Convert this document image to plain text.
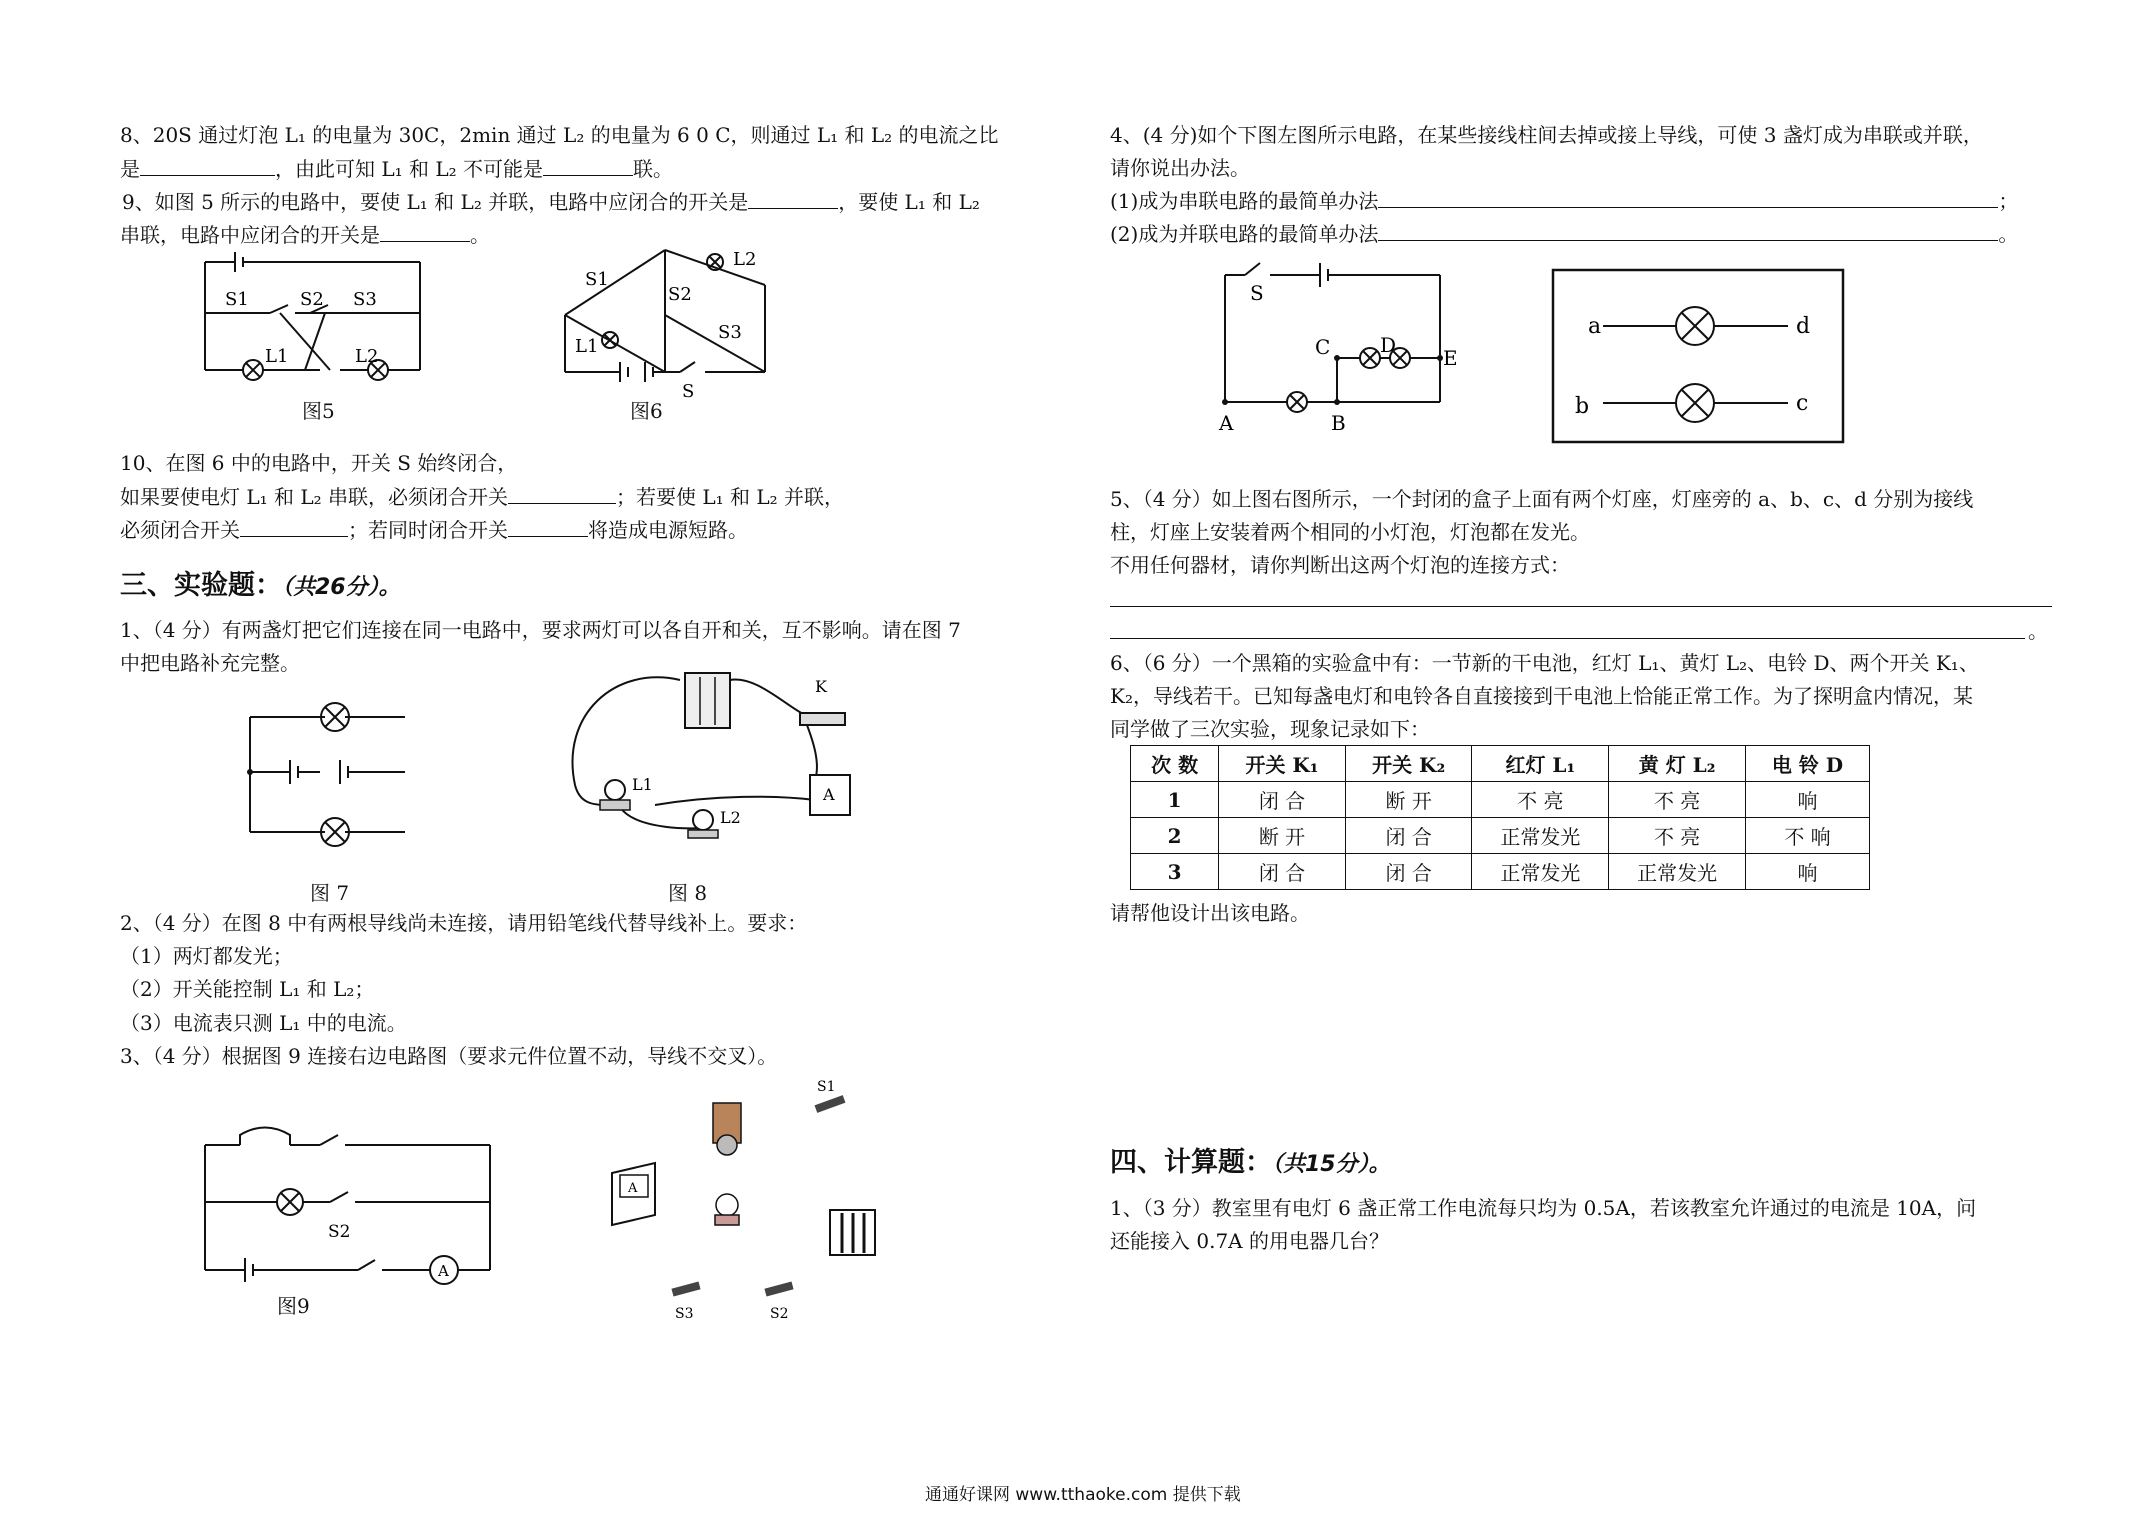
8、20S 通过灯泡 L₁ 的电量为 30C，2min 通过 L₂ 的电量为 6 0 C，则通过 L₁ 和 L₂ 的电流之比
是	，由此可知 L₁ 和 L₂ 不可能是	联。
9、如图 5 所示的电路中，要使 L₁ 和 L₂ 并联，电路中应闭合的开关是	，要使 L₁ 和 L₂
串联，电路中应闭合的开关是	。
S1	S2 S3
L1	L2
图5
S1
S2
S3
L2
L1
S
图6
10、在图 6 中的电路中，开关 S 始终闭合，
如果要使电灯 L₁ 和 L₂ 串联，必须闭合开关	；若要使 L₁ 和 L₂ 并联，
必须闭合开关	；若同时闭合开关	将造成电源短路。
三、实验题：（共26分）。
1、（4 分）有两盏灯把它们连接在同一电路中，要求两灯可以各自开和关，互不影响。请在图 7
中把电路补充完整。
图 7
K
L1
L2
A
图 8
2、（4 分）在图 8 中有两根导线尚未连接，请用铅笔线代替导线补上。要求：
（1）两灯都发光；
（2）开关能控制 L₁ 和 L₂；
（3）电流表只测 L₁ 中的电流。
3、（4 分）根据图 9 连接右边电路图（要求元件位置不动，导线不交叉）。
S2
A
图9
S1
A
S3	S2
4、(4 分)如个下图左图所示电路，在某些接线柱间去掉或接上导线，可使 3 盏灯成为串联或并联，
请你说出办法。
(1)成为串联电路的最简单办法	；
(2)成为并联电路的最简单办法	。
S
C D
E
A	B
a	d
b	c
5、（4 分）如上图右图所示，一个封闭的盒子上面有两个灯座，灯座旁的 a、b、c、d 分别为接线
柱，灯座上安装着两个相同的小灯泡，灯泡都在发光。
不用任何器材，请你判断出这两个灯泡的连接方式：
。
6、（6 分）一个黑箱的实验盒中有：一节新的干电池，红灯 L₁、黄灯 L₂、电铃 D、两个开关 K₁、
K₂，导线若干。已知每盏电灯和电铃各自直接接到干电池上恰能正常工作。为了探明盒内情况，某
同学做了三次实验，现象记录如下：
次 数	开关 K₁	开关 K₂	红灯 L₁	黄 灯 L₂	电 铃 D
1	闭 合	断 开	不 亮	不 亮	响
2	断 开	闭 合	正常发光	不 亮	不 响
3	闭 合	闭 合	正常发光	正常发光	响
请帮他设计出该电路。
四、计算题：（共15分）。
1、（3 分）教室里有电灯 6 盏正常工作电流每只均为 0.5A，若该教室允许通过的电流是 10A，问
还能接入 0.7A 的用电器几台？
通通好课网 www.tthaoke.com 提供下载
